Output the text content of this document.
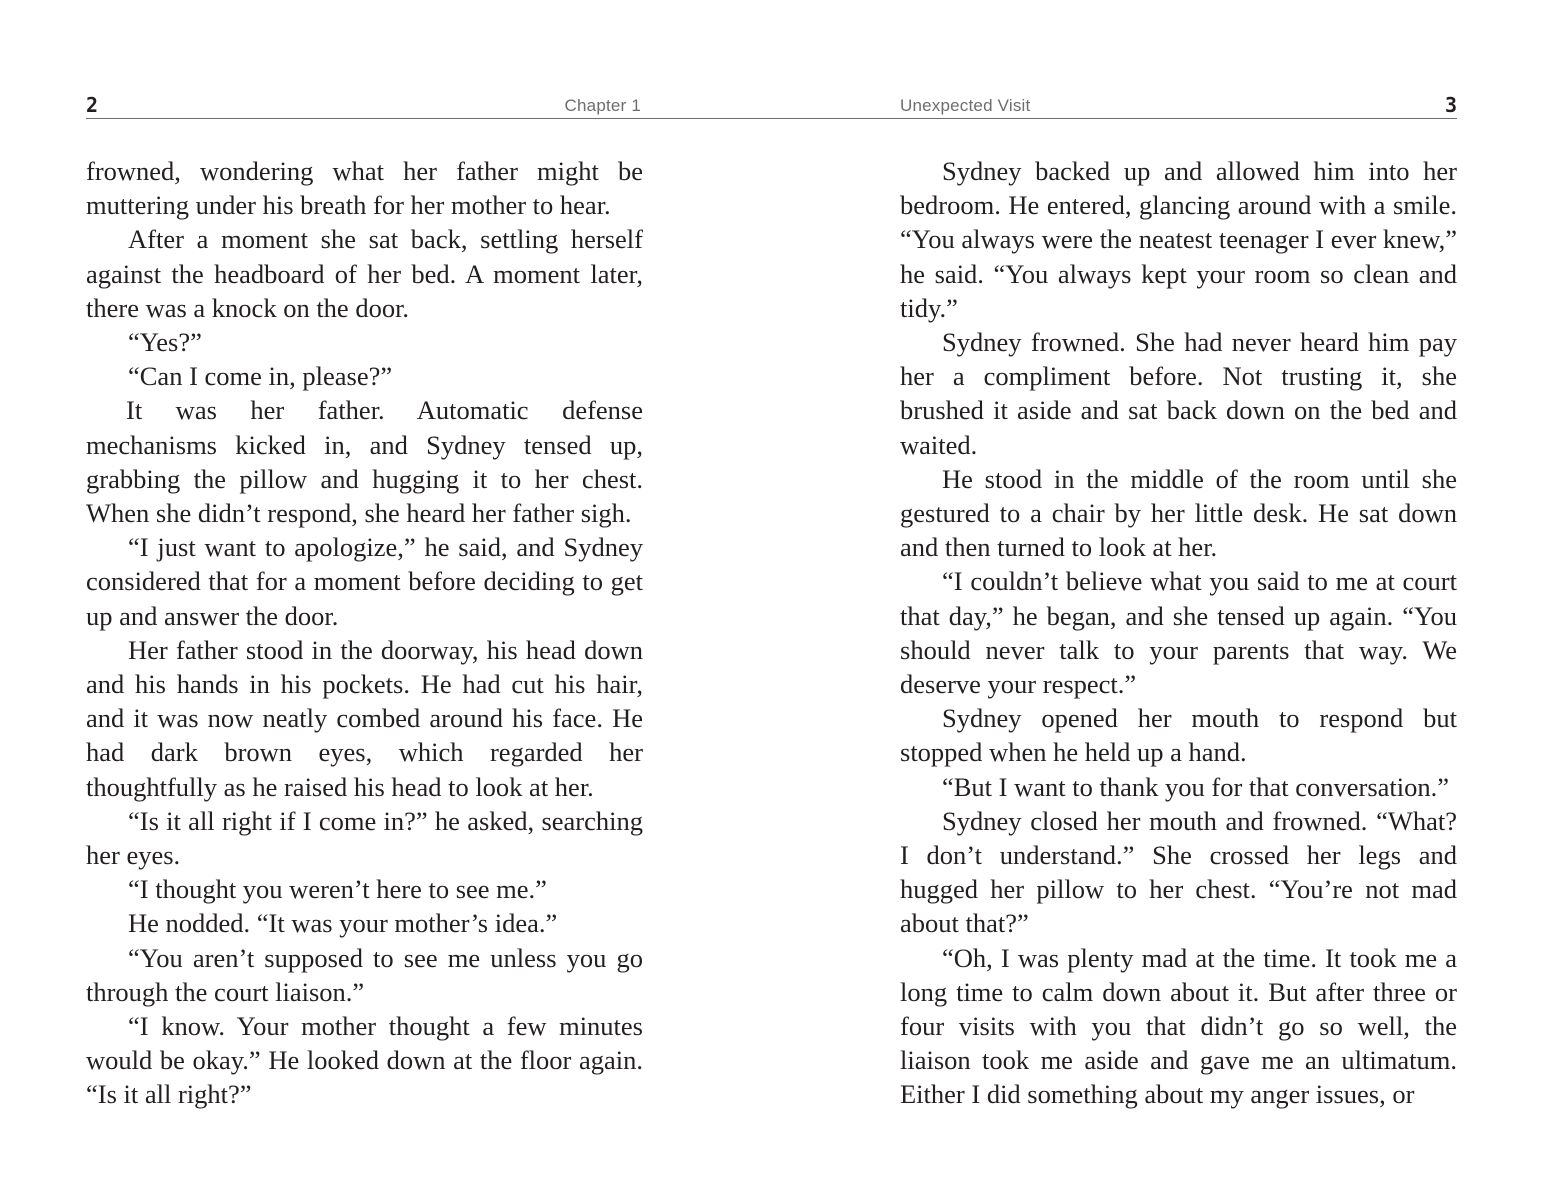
2	Chapter 1

frowned, wondering what her father might be muttering under his breath for her mother to hear.

After a moment she sat back, settling herself against the headboard of her bed. A moment later, there was a knock on the door.

“Yes?”

“Can I come in, please?”

It was her father. Automatic defense mechanisms kicked in, and Sydney tensed up, grabbing the pillow and hugging it to her chest. When she didn’t respond, she heard her father sigh.

“I just want to apologize,” he said, and Sydney considered that for a moment before deciding to get up and answer the door.

Her father stood in the doorway, his head down and his hands in his pockets. He had cut his hair, and it was now neatly combed around his face. He had dark brown eyes, which regarded her thoughtfully as he raised his head to look at her.

“Is it all right if I come in?” he asked, searching her eyes.

“I thought you weren’t here to see me.”

He nodded. “It was your mother’s idea.”

“You aren’t supposed to see me unless you go through the court liaison.”

“I know. Your mother thought a few minutes would be okay.” He looked down at the floor again. “Is it all right?”

Unexpected Visit	3

Sydney backed up and allowed him into her bedroom. He entered, glancing around with a smile. “You always were the neatest teenager I ever knew,” he said. “You always kept your room so clean and tidy.”

Sydney frowned. She had never heard him pay her a compliment before. Not trusting it, she brushed it aside and sat back down on the bed and waited.

He stood in the middle of the room until she gestured to a chair by her little desk. He sat down and then turned to look at her.

“I couldn’t believe what you said to me at court that day,” he began, and she tensed up again. “You should never talk to your parents that way. We deserve your respect.”

Sydney opened her mouth to respond but stopped when he held up a hand.

“But I want to thank you for that conversation.”

Sydney closed her mouth and frowned. “What? I don’t understand.” She crossed her legs and hugged her pillow to her chest. “You’re not mad about that?”

“Oh, I was plenty mad at the time. It took me a long time to calm down about it. But after three or four visits with you that didn’t go so well, the liaison took me aside and gave me an ultimatum. Either I did something about my anger issues, or
